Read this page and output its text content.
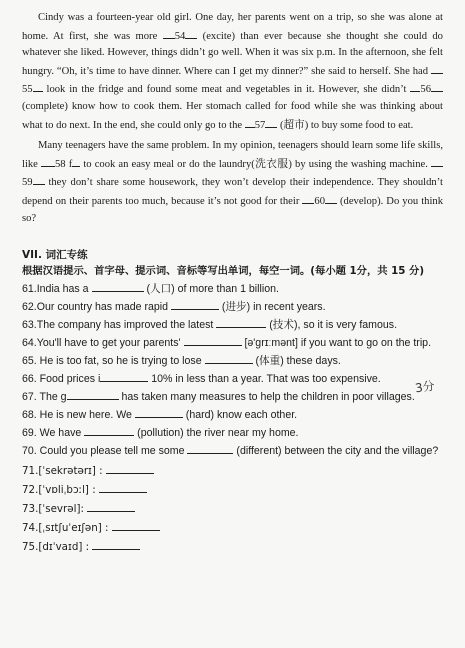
Cindy was a fourteen-year old girl. One day, her parents went on a trip, so she was alone at home. At first, she was more 54 (excite) than ever because she thought she could do whatever she liked. However, things didn’t go well. When it was six p.m. In the afternoon, she felt hungry. “Oh, it’s time to have dinner. Where can I get my dinner?” she said to herself. She had 55 look in the fridge and found some meat and vegetables in it. However, she didn’t 56 (complete) know how to cook them. Her stomach called for food while she was thinking about what to do next. In the end, she could only go to the 57 (超市) to buy some food to eat.

Many teenagers have the same problem. In my opinion, teenagers should learn some life skills, like 58 f to cook an easy meal or do the laundry(洗衣服) by using the washing machine. 59 they don’t share some housework, they won’t develop their independence. They shouldn’t depend on their parents too much, because it’s not good for their 60 (develop). Do you think so?

VII. 词汇专练
根据汉语提示、首字母、提示词、音标等写出单词，每空一词。(每小题 1分，共 15 分)
61.India has a	(人口) of more than 1 billion.
62.Our country has made rapid	(进步) in recent years.
63.The company has improved the latest	(技术), so it is very famous.
64.You'll have to get your parents'	[ə'grɪːmənt] if you want to go on the trip.
65. He is too fat, so he is trying to lose	(体重) these days.
66. Food prices i	10% in less than a year. That was too expensive.
67. The g	has taken many measures to help the children in poor villages.
68. He is new here. We	(hard) know each other.
69. We have	(pollution) the river near my home.
70. Could you please tell me some	(different) between the city and the village?
71.[ˈsekrətərɪ] :
72.[ˈvɒliˌbɔːl] :
73.[ˈsevrəl]:
74.[ˌsɪtʃuˈeɪʃən] :
75.[dɪˈvaɪd] :
3分
